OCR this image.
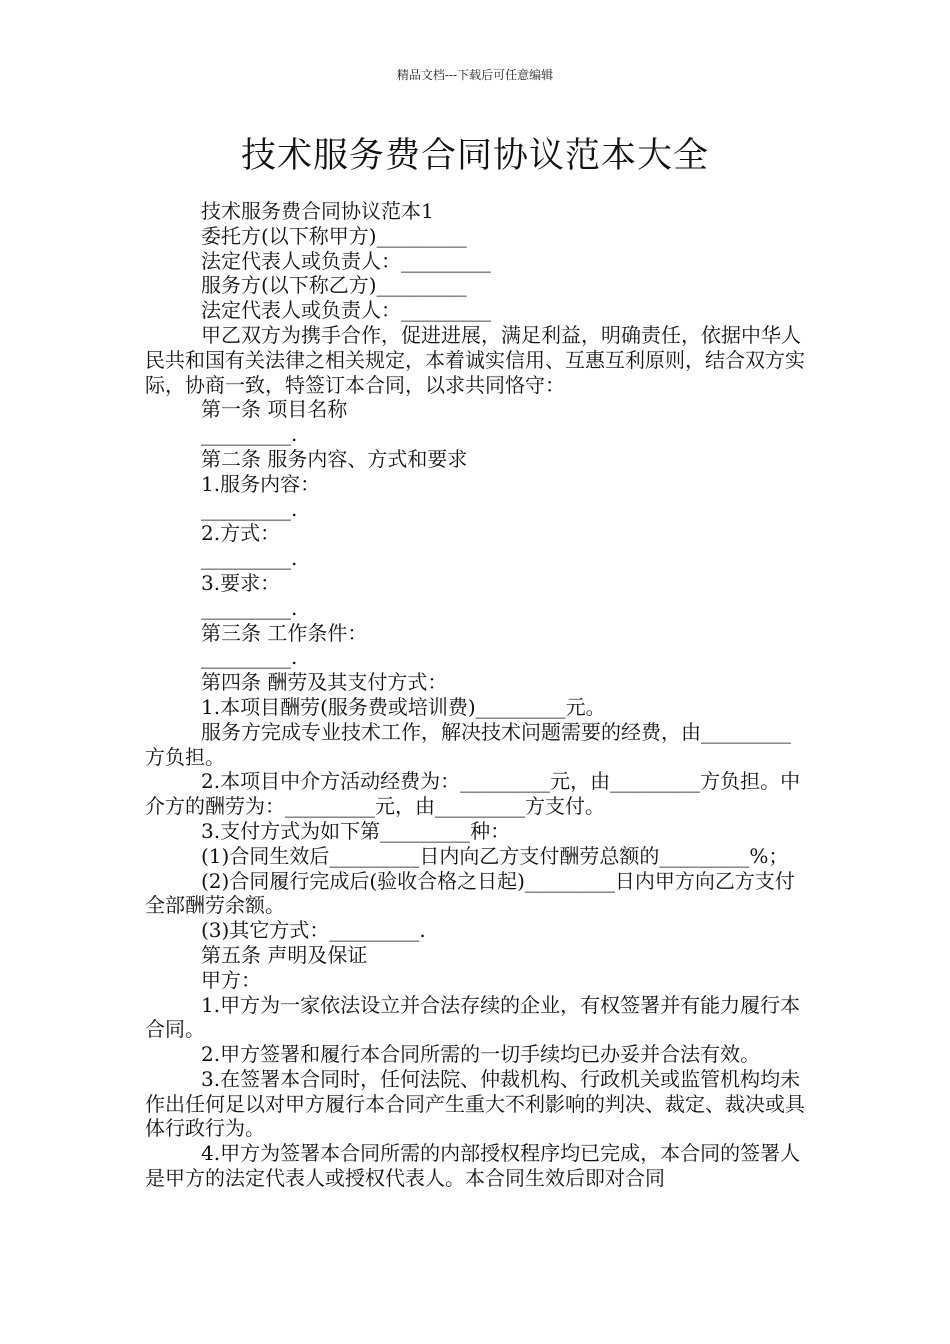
精品文档---下载后可任意编辑
技术服务费合同协议范本大全

技术服务费合同协议范本1

委托方(以下称甲方)_________

法定代表人或负责人：_________

服务方(以下称乙方)_________

法定代表人或负责人：_________

甲乙双方为携手合作，促进进展，满足利益，明确责任，依据中华人民共和国有关法律之相关规定，本着诚实信用、互惠互利原则，结合双方实际，协商一致，特签订本合同，以求共同恪守：

第一条 项目名称

_________.

第二条 服务内容、方式和要求

1.服务内容：

_________.

2.方式：

_________.

3.要求：

_________.

第三条 工作条件：

_________.

第四条 酬劳及其支付方式：

1.本项目酬劳(服务费或培训费)_________元。

服务方完成专业技术工作，解决技术问题需要的经费，由_________方负担。

2.本项目中介方活动经费为：_________元，由_________方负担。中介方的酬劳为：_________元，由_________方支付。

3.支付方式为如下第_________种：

(1)合同生效后_________日内向乙方支付酬劳总额的_________%；

(2)合同履行完成后(验收合格之日起)_________日内甲方向乙方支付全部酬劳余额。

(3)其它方式：_________.

第五条 声明及保证

甲方：

1.甲方为一家依法设立并合法存续的企业，有权签署并有能力履行本合同。

2.甲方签署和履行本合同所需的一切手续均已办妥并合法有效。

3.在签署本合同时，任何法院、仲裁机构、行政机关或监管机构均未作出任何足以对甲方履行本合同产生重大不利影响的判决、裁定、裁决或具体行政行为。

4.甲方为签署本合同所需的内部授权程序均已完成，本合同的签署人是甲方的法定代表人或授权代表人。本合同生效后即对合同
